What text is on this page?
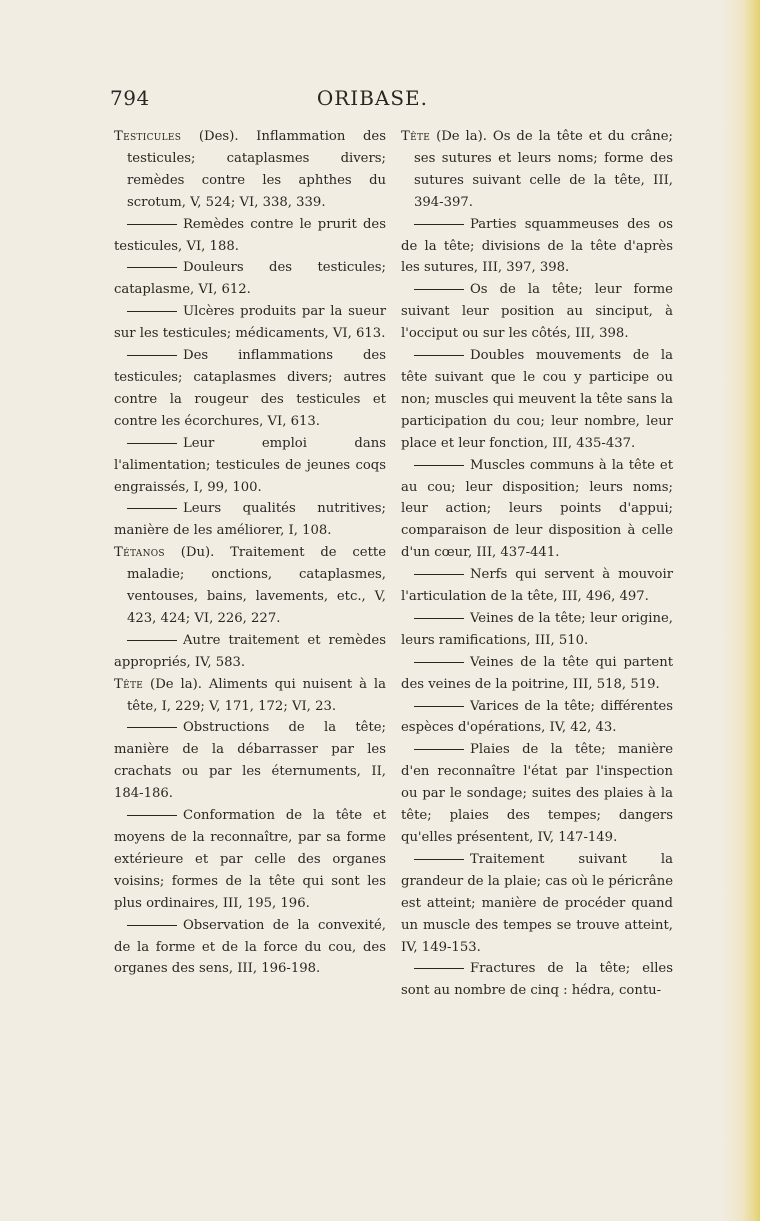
794	ORIBASE.

Testicules (Des). Inflammation des testicules; cataplasmes divers; remèdes contre les aphthes du scrotum, V, 524; VI, 338, 339.

Remèdes contre le prurit des testicules, VI, 188.

Douleurs des testicules; cataplasme, VI, 612.

Ulcères produits par la sueur sur les testicules; médicaments, VI, 613.

Des inflammations des testicules; cataplasmes divers; autres contre la rougeur des testicules et contre les écorchures, VI, 613.

Leur emploi dans l'alimentation; testicules de jeunes coqs engraissés, I, 99, 100.

Leurs qualités nutritives; manière de les améliorer, I, 108.

Tétanos (Du). Traitement de cette maladie; onctions, cataplasmes, ventouses, bains, lavements, etc., V, 423, 424; VI, 226, 227.

Autre traitement et remèdes appropriés, IV, 583.

Tête (De la). Aliments qui nuisent à la tête, I, 229; V, 171, 172; VI, 23.

Obstructions de la tête; manière de la débarrasser par les crachats ou par les éternuments, II, 184-186.

Conformation de la tête et moyens de la reconnaître, par sa forme extérieure et par celle des organes voisins; formes de la tête qui sont les plus ordinaires, III, 195, 196.

Observation de la convexité, de la forme et de la force du cou, des organes des sens, III, 196-198.

Tête (De la). Os de la tête et du crâne; ses sutures et leurs noms; forme des sutures suivant celle de la tête, III, 394-397.

Parties squammeuses des os de la tête; divisions de la tête d'après les sutures, III, 397, 398.

Os de la tête; leur forme suivant leur position au sinciput, à l'occiput ou sur les côtés, III, 398.

Doubles mouvements de la tête suivant que le cou y participe ou non; muscles qui meuvent la tête sans la participation du cou; leur nombre, leur place et leur fonction, III, 435-437.

Muscles communs à la tête et au cou; leur disposition; leurs noms; leur action; leurs points d'appui; comparaison de leur disposition à celle d'un cœur, III, 437-441.

Nerfs qui servent à mouvoir l'articulation de la tête, III, 496, 497.

Veines de la tête; leur origine, leurs ramifications, III, 510.

Veines de la tête qui partent des veines de la poitrine, III, 518, 519.

Varices de la tête; différentes espèces d'opérations, IV, 42, 43.

Plaies de la tête; manière d'en reconnaître l'état par l'inspection ou par le sondage; suites des plaies à la tête; plaies des tempes; dangers qu'elles présentent, IV, 147-149.

Traitement suivant la grandeur de la plaie; cas où le péricrâne est atteint; manière de procéder quand un muscle des tempes se trouve atteint, IV, 149-153.

Fractures de la tête; elles sont au nombre de cinq : hédra, contu-
